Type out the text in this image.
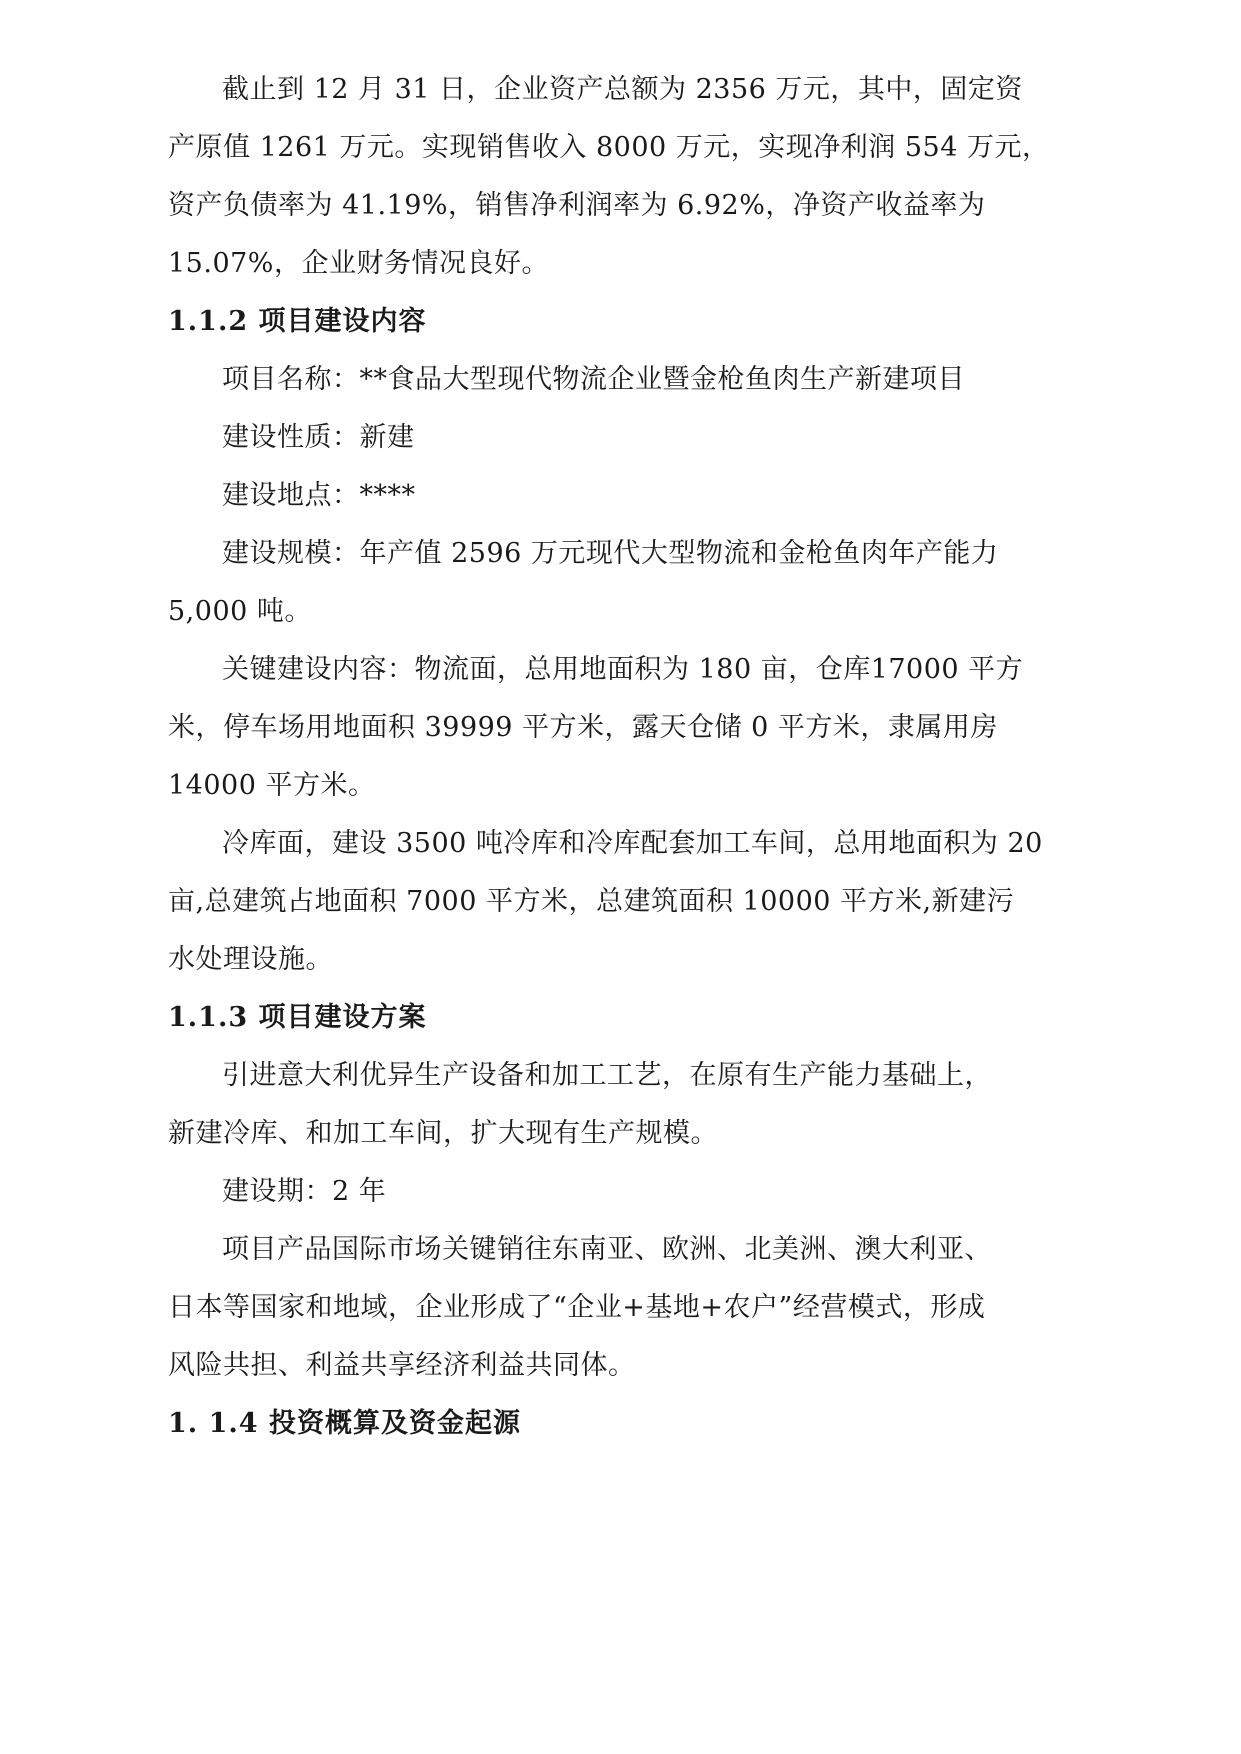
截止到 12 月 31 日，企业资产总额为 2356 万元，其中，固定资

产原值 1261 万元。实现销售收入 8000 万元，实现净利润 554 万元，

资产负债率为 41.19%，销售净利润率为 6.92%，净资产收益率为

15.07%，企业财务情况良好。

1.1.2 项目建设内容

项目名称：**食品大型现代物流企业暨金枪鱼肉生产新建项目

建设性质：新建

建设地点：****

建设规模：年产值 2596 万元现代大型物流和金枪鱼肉年产能力

5,000 吨。

关键建设内容：物流面，总用地面积为 180 亩，仓库17000 平方

米，停车场用地面积 39999 平方米，露天仓储 0 平方米，隶属用房

14000 平方米。

冷库面，建设 3500 吨冷库和冷库配套加工车间，总用地面积为 20

亩,总建筑占地面积 7000 平方米，总建筑面积 10000 平方米,新建污

水处理设施。

1.1.3 项目建设方案

引进意大利优异生产设备和加工工艺，在原有生产能力基础上，

新建冷库、和加工车间，扩大现有生产规模。

建设期：2 年

项目产品国际市场关键销往东南亚、欧洲、北美洲、澳大利亚、

日本等国家和地域，企业形成了“企业+基地+农户”经营模式，形成

风险共担、利益共享经济利益共同体。

1. 1.4 投资概算及资金起源
